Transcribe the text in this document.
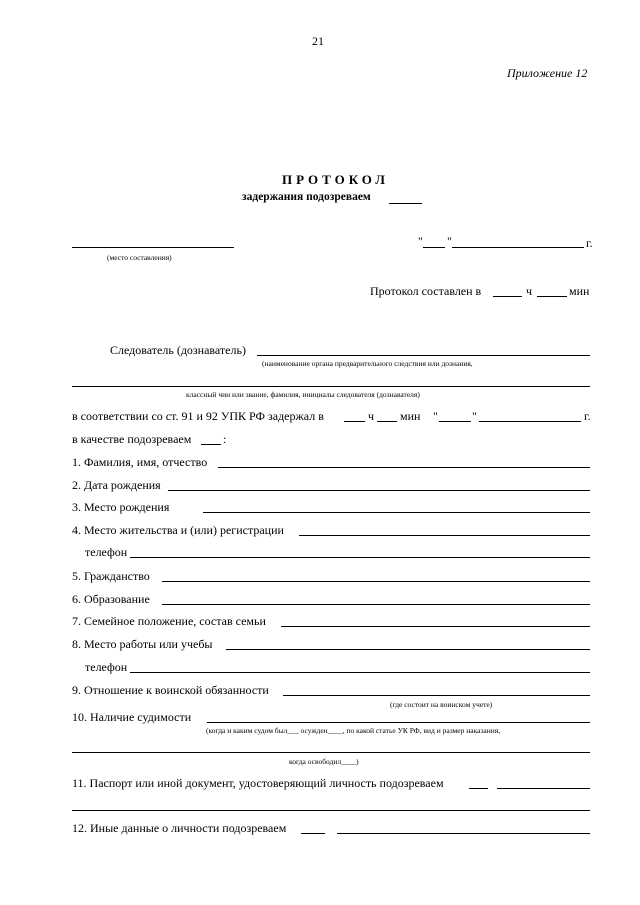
21
Приложение 12
ПРОТОКОЛ
задержания подозреваем
(место составления)
" "	г.
Протокол составлен в	ч	мин
Следователь (дознаватель)
(наименование органа предварительного следствия или дознания,
классный чин или звание, фамилия, инициалы следователя (дознавателя)
в соответствии со ст. 91 и 92 УПК РФ задержал в	ч мин "	"	г.
в качестве подозреваем	:
1. Фамилия, имя, отчество
2. Дата рождения
3. Место рождения
4. Место жительства и (или) регистрации
телефон
5. Гражданство
6. Образование
7. Семейное положение, состав семьи
8. Место работы или учебы
телефон
9. Отношение к воинской обязанности
(где состоит на воинском учете)
10. Наличие судимости
(когда и каким судом был___ осужден____, по какой статье УК РФ, вид и размер наказания,
когда освободил____)
11. Паспорт или иной документ, удостоверяющий личность подозреваем
12. Иные данные о личности подозреваем
